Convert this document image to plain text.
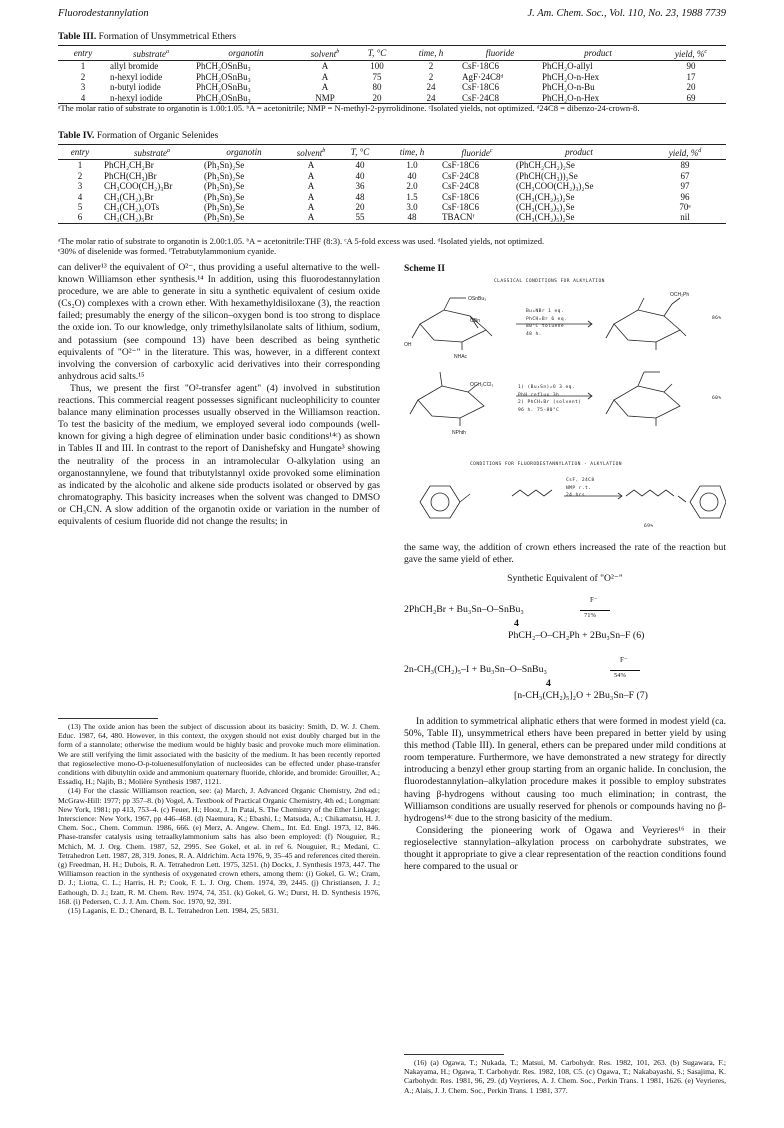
Fluorodestannylation	J. Am. Chem. Soc., Vol. 110, No. 23, 1988 7739
Table III. Formation of Unsymmetrical Ethers
entry	substrate$^a$	organotin	solvent$^b$	T, °C	time, h	fluoride	product	yield, %$^c$
1	allyl bromide	PhCH₂OSnBu₃	A	100	2	CsF·18C6	PhCH₂O-allyl	90
2	n-hexyl iodide	PhCH₂OSnBu₃	A	75	2	AgF·24C8ᵈ	PhCH₂O-n-Hex	17
3	n-butyl iodide	PhCH₂OSnBu₃	A	80	24	CsF·18C6	PhCH₂O-n-Bu	20
4	n-hexyl iodide	PhCH₂OSnBu₃	NMP	20	24	CsF·24C8	PhCH₂O-n-Hex	69
ᵃThe molar ratio of substrate to organotin is 1.00:1.05. ᵇA = acetonitrile; NMP = N-methyl-2-pyrrolidinone. ᶜIsolated yields, not optimized. ᵈ24C8 = dibenzo-24-crown-8.
Table IV. Formation of Organic Selenides
entry	substrate$^a$	organotin	solvent$^b$	T, °C	time, h	fluoride$^c$	product	yield, %$^d$
1	PhCH₂CH₂Br	(Ph₃Sn)₂Se	A	40	1.0	CsF·18C6	(PhCH₂CH₂)₂Se	89
2	PhCH(CH₃)Br	(Ph₃Sn)₂Se	A	40	40	CsF·24C8	(PhCH(CH₃))₂Se	67
3	CH₃COO(CH₂)₃Br	(Ph₃Sn)₂Se	A	36	2.0	CsF·24C8	(CH₃COO(CH₂)₃)₂Se	97
4	CH₃(CH₂)₅Br	(Ph₃Sn)₂Se	A	48	1.5	CsF·18C6	(CH₃(CH₂)₅)₂Se	96
5	CH₃(CH₂)₅OTs	(Ph₃Sn)₂Se	A	20	3.0	CsF·18C6	(CH₃(CH₂)₅)₂Se	70ᵉ
6	CH₃(CH₂)₅Br	(Ph₃Sn)₂Se	A	55	48	TBACNᶠ	(CH₃(CH₂)₅)₂Se	nil
ᵃThe molar ratio of substrate to organotin is 2.00:1.05. ᵇA = acetonitrile:THF (8:3). ᶜA 5-fold excess was used. ᵈIsolated yields, not optimized.
ᵉ30% of diselenide was formed. ᶠTetrabutylammonium cyanide.

can deliver¹³ the equivalent of O²⁻, thus providing a useful alternative to the well-known Williamson ether synthesis.¹⁴ In addition, using this fluorodestannylation procedure, we are able to generate in situ a synthetic equivalent of cesium oxide (Cs₂O) complexes with a crown ether. With hexamethyldisiloxane (3), the reaction failed; presumably the energy of the silicon–oxygen bond is too strong to displace the oxide ion. To our knowledge, only trimethylsilanolate salts of lithium, sodium, and potassium (see compound 13) have been described as being synthetic equivalents of "O²⁻" in the literature. This was, however, in a different context involving the conversion of carboxylic acid derivatives into their corresponding anhydrous acid salts.¹⁵

Thus, we present the first "O²-transfer agent" (4) involved in substitution reactions. This commercial reagent possesses significant nucleophilicity to counter balance many elimination processes usually observed in the Williamson reaction. To test the basicity of the medium, we employed several iodo compounds (well-known for giving a high degree of elimination under basic conditions¹⁴ᶜ) as shown in Tables II and III. In contrast to the report of Danishefsky and Hungate³ showing the neutrality of the process in an intramolecular O-alkylation using an organostannylene, we found that tributylstannyl oxide provoked some elimination as indicated by the alcoholic and alkene side products isolated or observed by gas chromatography. This basicity increases when the solvent was changed to DMSO or CH₃CN. A slow addition of the organotin oxide or variation in the number of equivalents of cesium fluoride did not change the results; in

(13) The oxide anion has been the subject of discussion about its basicity: Smith, D. W. J. Chem. Educ. 1987, 64, 480. However, in this context, the oxygen should not exist doubly charged but in the form of a stannolate; otherwise the medium would be highly basic and provoke much more elimination. We are still verifying the limit associated with the basicity of the medium. It has been recently reported that regioselective mono-O-p-toluenesulfonylation of nucleosides can be effected under phase-transfer conditions with dibutyltin oxide and ammonium quaternary fluoride, chloride, and bromide: Grouiller, A.; Essadiq, H.; Najib, B.; Molière Synthesis 1987, 1121.

(14) For the classic Williamson reaction, see: (a) March, J. Advanced Organic Chemistry, 2nd ed.; McGraw-Hill: 1977; pp 357–8. (b) Vogel, A. Textbook of Practical Organic Chemistry, 4th ed.; Longman: New York, 1981; pp 413, 753–4. (c) Feuer, H.; Hooz, J. In Patai, S. The Chemistry of the Ether Linkage; Interscience: New York, 1967, pp 446–468. (d) Naemura, K.; Ebashi, I.; Matsuda, A.; Chikamatsu, H. J. Chem. Soc., Chem. Commun. 1986, 666. (e) Merz, A. Angew. Chem., Int. Ed. Engl. 1973, 12, 846. Phase-transfer catalysis using tetraalkylammonium salts has also been employed: (f) Nouguier, R.; Mchich, M. J. Org. Chem. 1987, 52, 2995. See Gokel, et al. in ref 6. Nouguier, R.; Medani, C. Tetrahedron Lett. 1987, 28, 319. Jones, R. A. Aldrichim. Acta 1976, 9, 35–45 and references cited therein. (g) Freedman, H. H.; Dubois, R. A. Tetrahedron Lett. 1975, 3251. (h) Dockx, J. Synthesis 1973, 447. The Williamson reaction in the synthesis of oxygenated crown ethers, among them: (i) Gokel, G. W.; Cram, D. J.; Liotta, C. L.; Harris, H. P.; Cook, F. L. J. Org. Chem. 1974, 39, 2445. (j) Christiansen, J. J.; Eathough, D. J.; Izatt, R. M. Chem. Rev. 1974, 74, 351. (k) Gokel, G. W.; Durst, H. D. Synthesis 1976, 168. (i) Pedersen, C. J. J. Am. Chem. Soc. 1970, 92, 391.

(15) Laganis, E. D.; Chenard, B. L. Tetrahedron Lett. 1984, 25, 5831.

Scheme II
CLASSICAL CONDITIONS FOR ALKYLATION
OSnBu₃
OCH₂Ph
OBn
OH
NHAc
OCH₂CCl₃
NPhth
Bu₄NBr 1 eq.
PhCH₂Br 6 eq.
80°C toluene
48 h.
86%
1) (Bu₃Sn)₂O 3 eq.
PhH reflux 3h
2) PhCH₂Br (solvent)
96 h. 75-80°C
60%
CONDITIONS FOR FLUORODESTANNYLATION - ALKYLATION
CsF, 24C8
NMP r.t.
24 hrs
69%

the same way, the addition of crown ethers increased the rate of the reaction but gave the same yield of ether.

Synthetic Equivalent of "O²⁻"
2PhCH₂Br + Bu₃Sn–O–SnBu₃
4
F⁻
71%
PhCH₂–O–CH₂Ph + 2Bu₃Sn–F (6)
2n-CH₃(CH₂)₅–I + Bu₃Sn–O–SnBu₃
4
F⁻
54%
[n-CH₃(CH₂)₅]₂O + 2Bu₃Sn–F (7)

In addition to symmetrical aliphatic ethers that were formed in modest yield (ca. 50%, Table II), unsymmetrical ethers have been prepared in better yield by using this method (Table III). In general, ethers can be prepared under mild conditions at room temperature. Furthermore, we have demonstrated a new strategy for directly introducing a benzyl ether group starting from an organic halide. In conclusion, the fluorodestannylation–alkylation procedure makes it possible to employ substrates having β-hydrogens without causing too much elimination; in contrast, the Williamson conditions are usually reserved for phenols or compounds having no β-hydrogens¹⁴ᶜ due to the strong basicity of the medium.

Considering the pioneering work of Ogawa and Veyrieres¹⁶ in their regioselective stannylation–alkylation process on carbohydrate substrates, we thought it appropriate to give a clear representation of the reaction conditions found here compared to the usual or

(16) (a) Ogawa, T.; Nukada, T.; Matsui, M. Carbohydr. Res. 1982, 101, 263. (b) Sugawara, F.; Nakayama, H.; Ogawa, T. Carbohydr. Res. 1982, 108, C5. (c) Ogawa, T.; Nakabayashi, S.; Sasajima, K. Carbohydr. Res. 1981, 96, 29. (d) Veyrieres, A. J. Chem. Soc., Perkin Trans. 1 1981, 1626. (e) Veyrieres, A.; Alais, J. J. Chem. Soc., Perkin Trans. 1 1981, 377.
